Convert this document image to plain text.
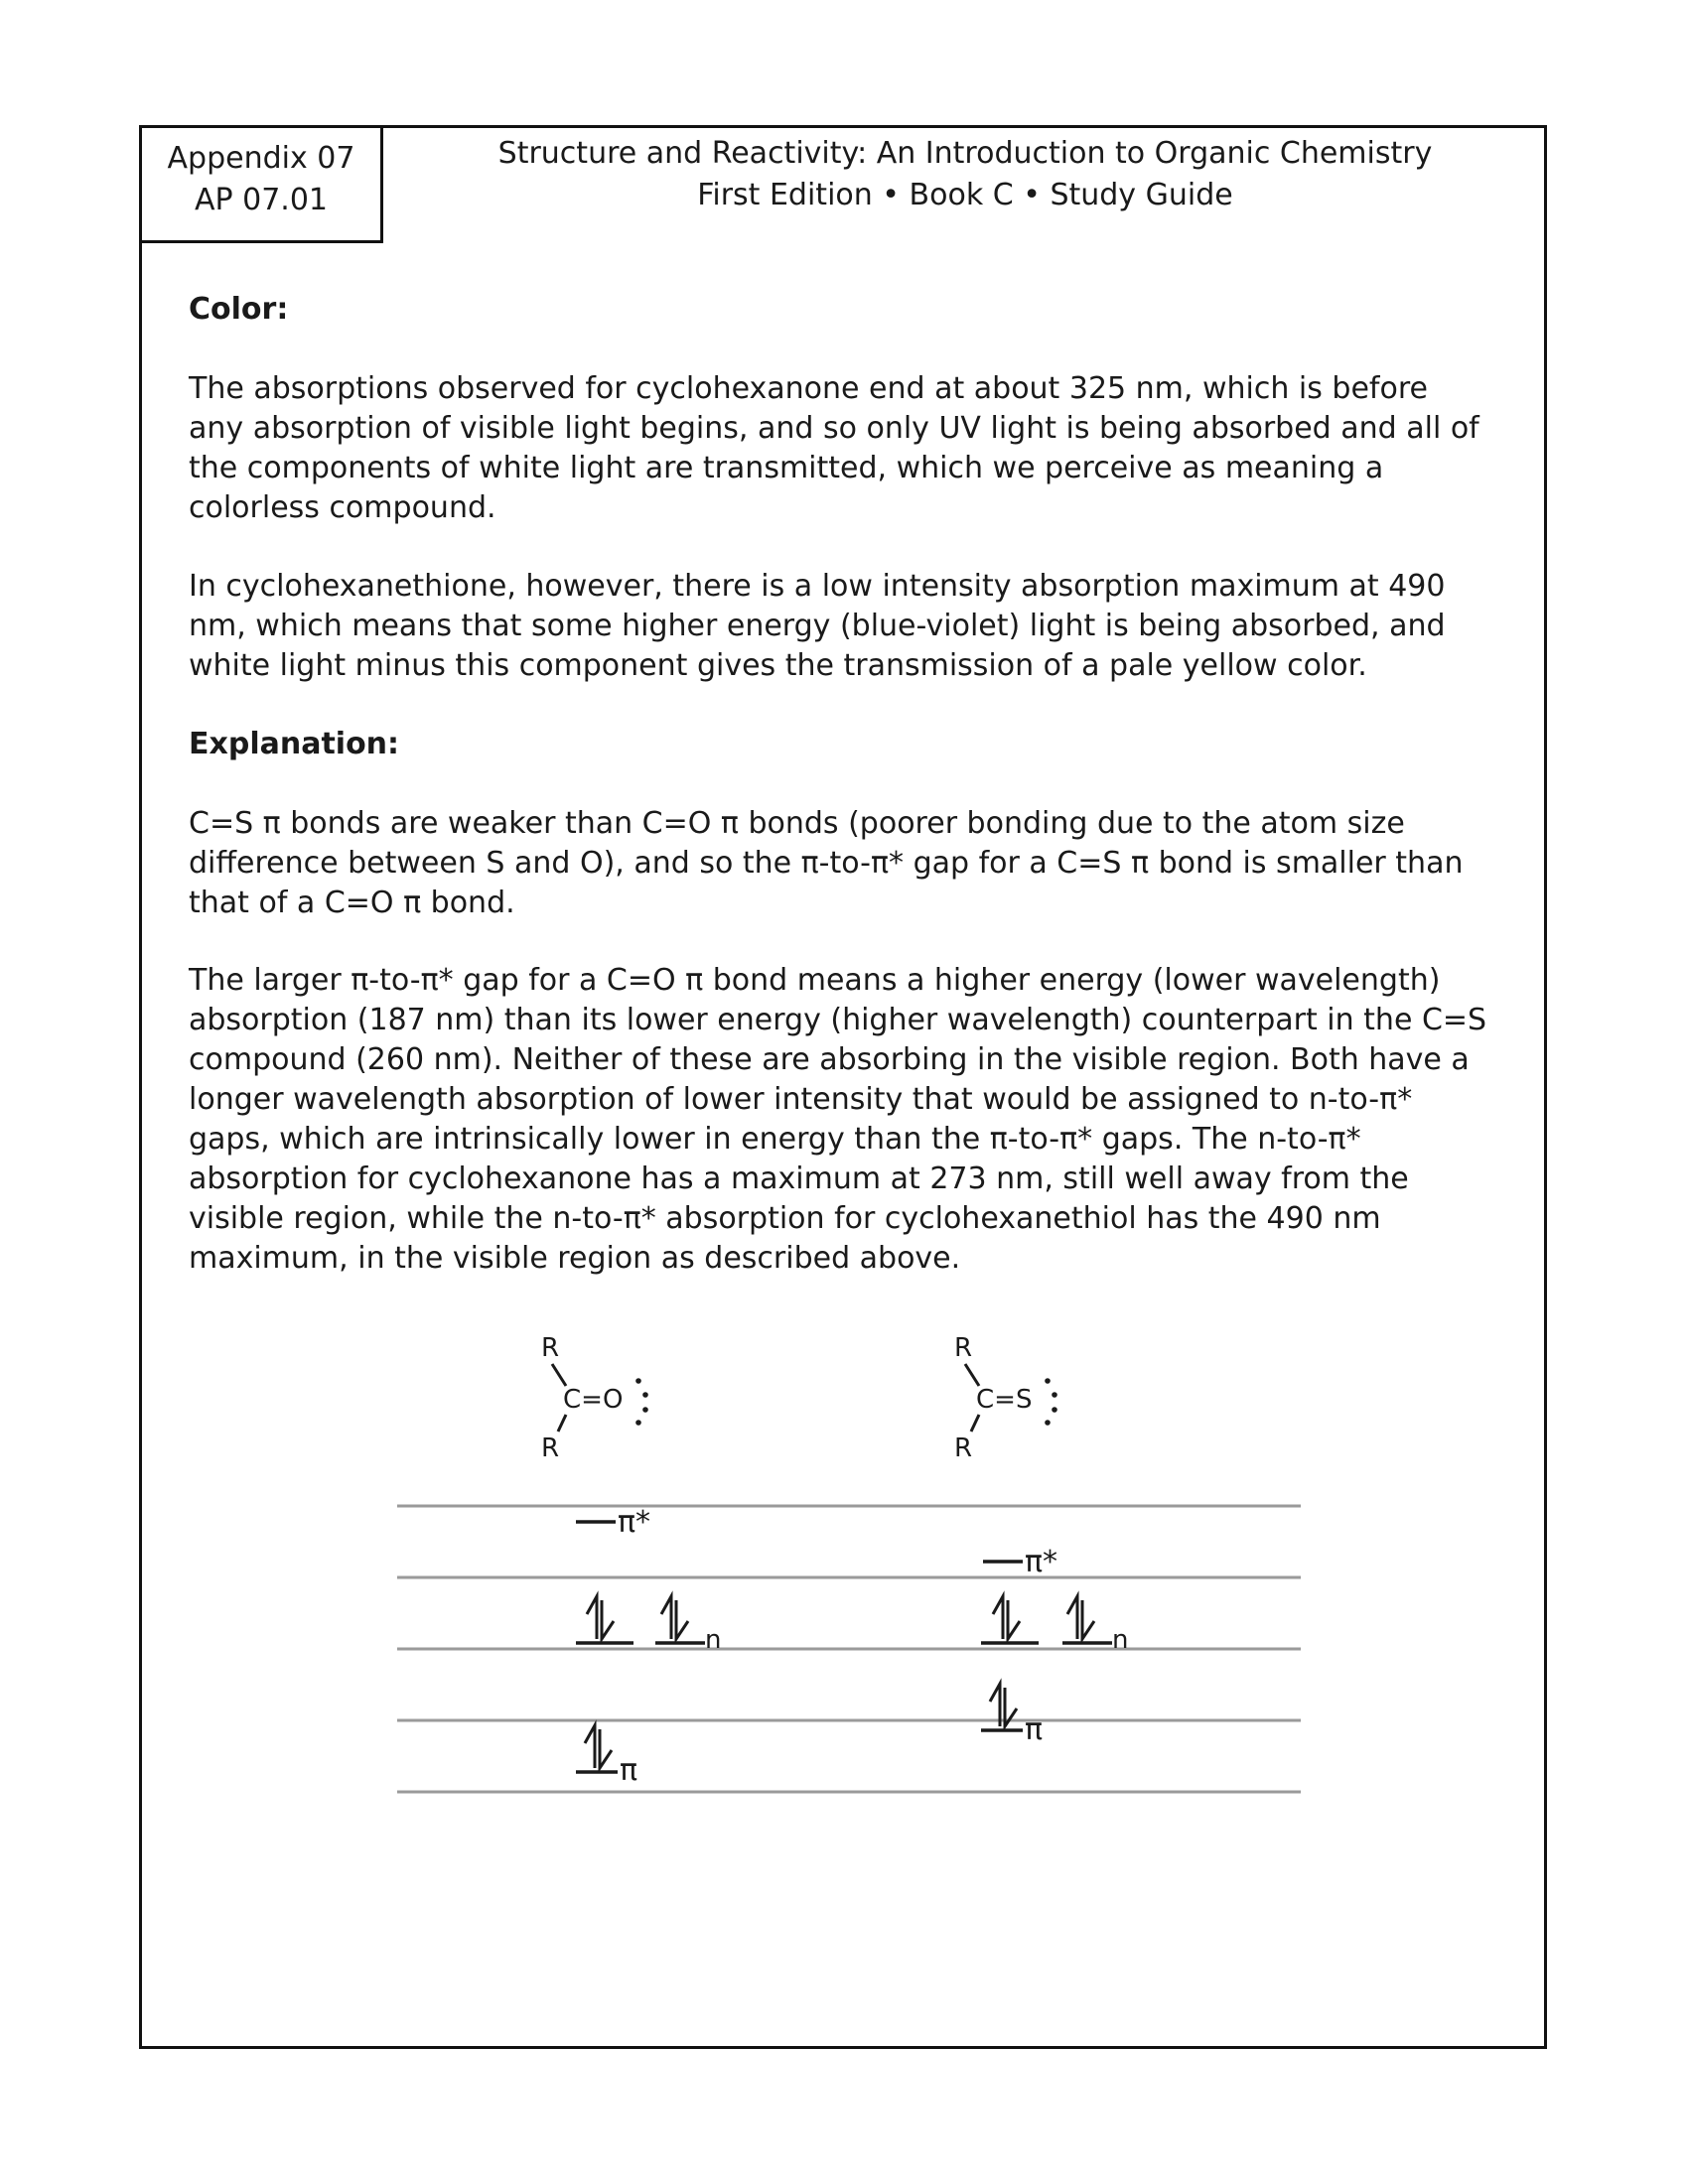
Appendix 07
AP 07.01
Structure and Reactivity: An Introduction to Organic Chemistry
First Edition • Book C • Study Guide
Color:

The absorptions observed for cyclohexanone end at about 325 nm, which is before any absorption of visible light begins, and so only UV light is being absorbed and all of the components of white light are transmitted, which we perceive as meaning a colorless compound.

In cyclohexanethione, however, there is a low intensity absorption maximum at 490 nm, which means that some higher energy (blue-violet) light is being absorbed, and white light minus this component gives the transmission of a pale yellow color.

Explanation:

C=S π bonds are weaker than C=O π bonds (poorer bonding due to the atom size difference between S and O), and so the π-to-π* gap for a C=S π bond is smaller than that of a C=O π bond.

The larger π-to-π* gap for a C=O π bond means a higher energy (lower wavelength) absorption (187 nm) than its lower energy (higher wavelength) counterpart in the C=S compound (260 nm). Neither of these are absorbing in the visible region. Both have a longer wavelength absorption of lower intensity that would be assigned to n-to-π* gaps, which are intrinsically lower in energy than the π-to-π* gaps. The n-to-π* absorption for cyclohexanone has a maximum at 273 nm, still well away from the visible region, while the n-to-π* absorption for cyclohexanethiol has the 490 nm maximum, in the visible region as described above.

R
C=O
R
R
C=S
R
π*
n
π
π*
n
π
